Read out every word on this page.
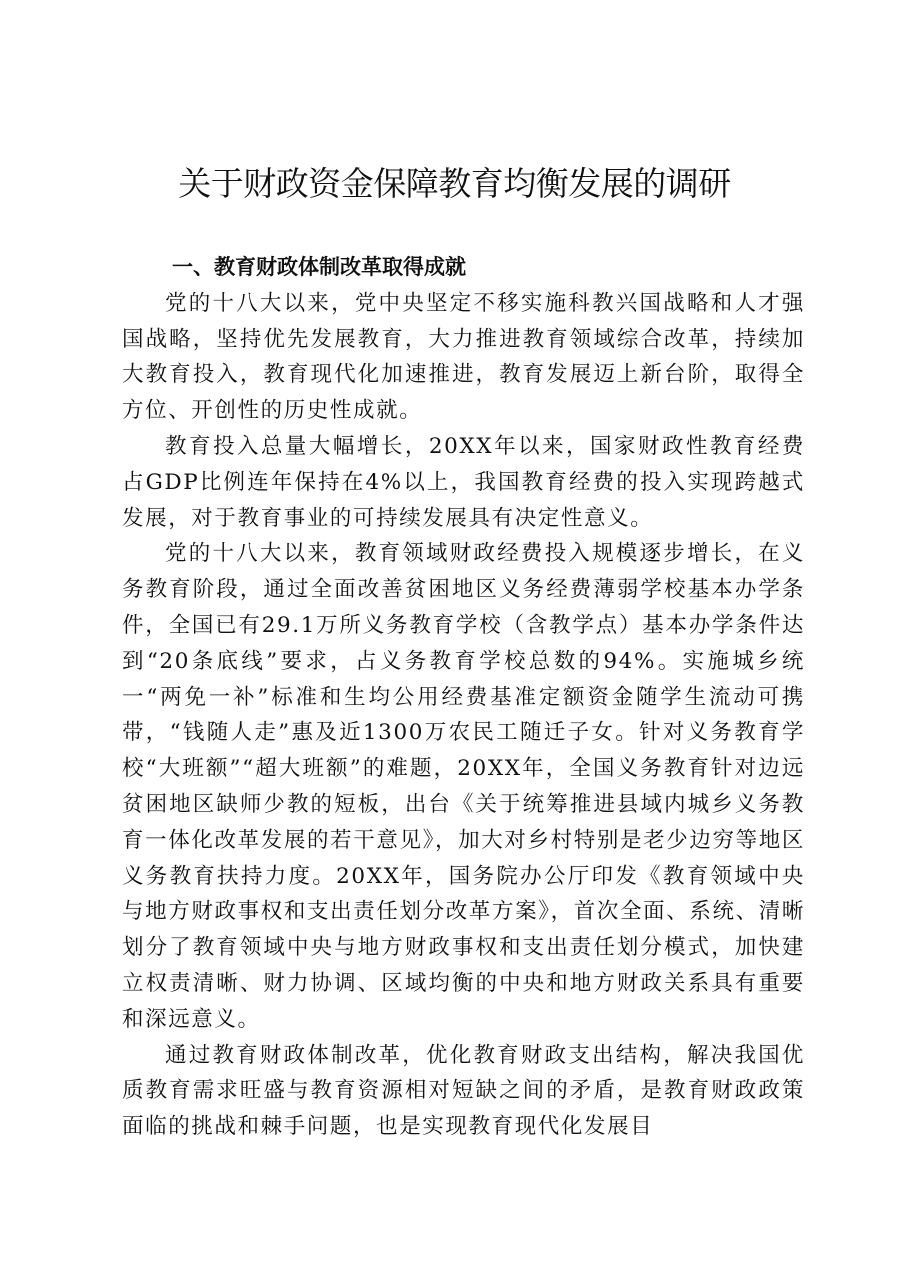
关于财政资金保障教育均衡发展的调研
一、教育财政体制改革取得成就

党的十八大以来，党中央坚定不移实施科教兴国战略和人才强国战略，坚持优先发展教育，大力推进教育领域综合改革，持续加大教育投入，教育现代化加速推进，教育发展迈上新台阶，取得全方位、开创性的历史性成就。

教育投入总量大幅增长，20XX年以来，国家财政性教育经费占GDP比例连年保持在4%以上，我国教育经费的投入实现跨越式发展，对于教育事业的可持续发展具有决定性意义。

党的十八大以来，教育领域财政经费投入规模逐步增长，在义务教育阶段，通过全面改善贫困地区义务经费薄弱学校基本办学条件，全国已有29.1万所义务教育学校（含教学点）基本办学条件达到“20条底线”要求，占义务教育学校总数的94%。实施城乡统一“两免一补”标准和生均公用经费基准定额资金随学生流动可携带，“钱随人走”惠及近1300万农民工随迁子女。针对义务教育学校“大班额”“超大班额”的难题，20XX年，全国义务教育针对边远贫困地区缺师少教的短板，出台《关于统筹推进县域内城乡义务教育一体化改革发展的若干意见》，加大对乡村特别是老少边穷等地区义务教育扶持力度。20XX年，国务院办公厅印发《教育领域中央与地方财政事权和支出责任划分改革方案》，首次全面、系统、清晰划分了教育领域中央与地方财政事权和支出责任划分模式，加快建立权责清晰、财力协调、区域均衡的中央和地方财政关系具有重要和深远意义。

通过教育财政体制改革，优化教育财政支出结构，解决我国优质教育需求旺盛与教育资源相对短缺之间的矛盾，是教育财政政策面临的挑战和棘手问题，也是实现教育现代化发展目
